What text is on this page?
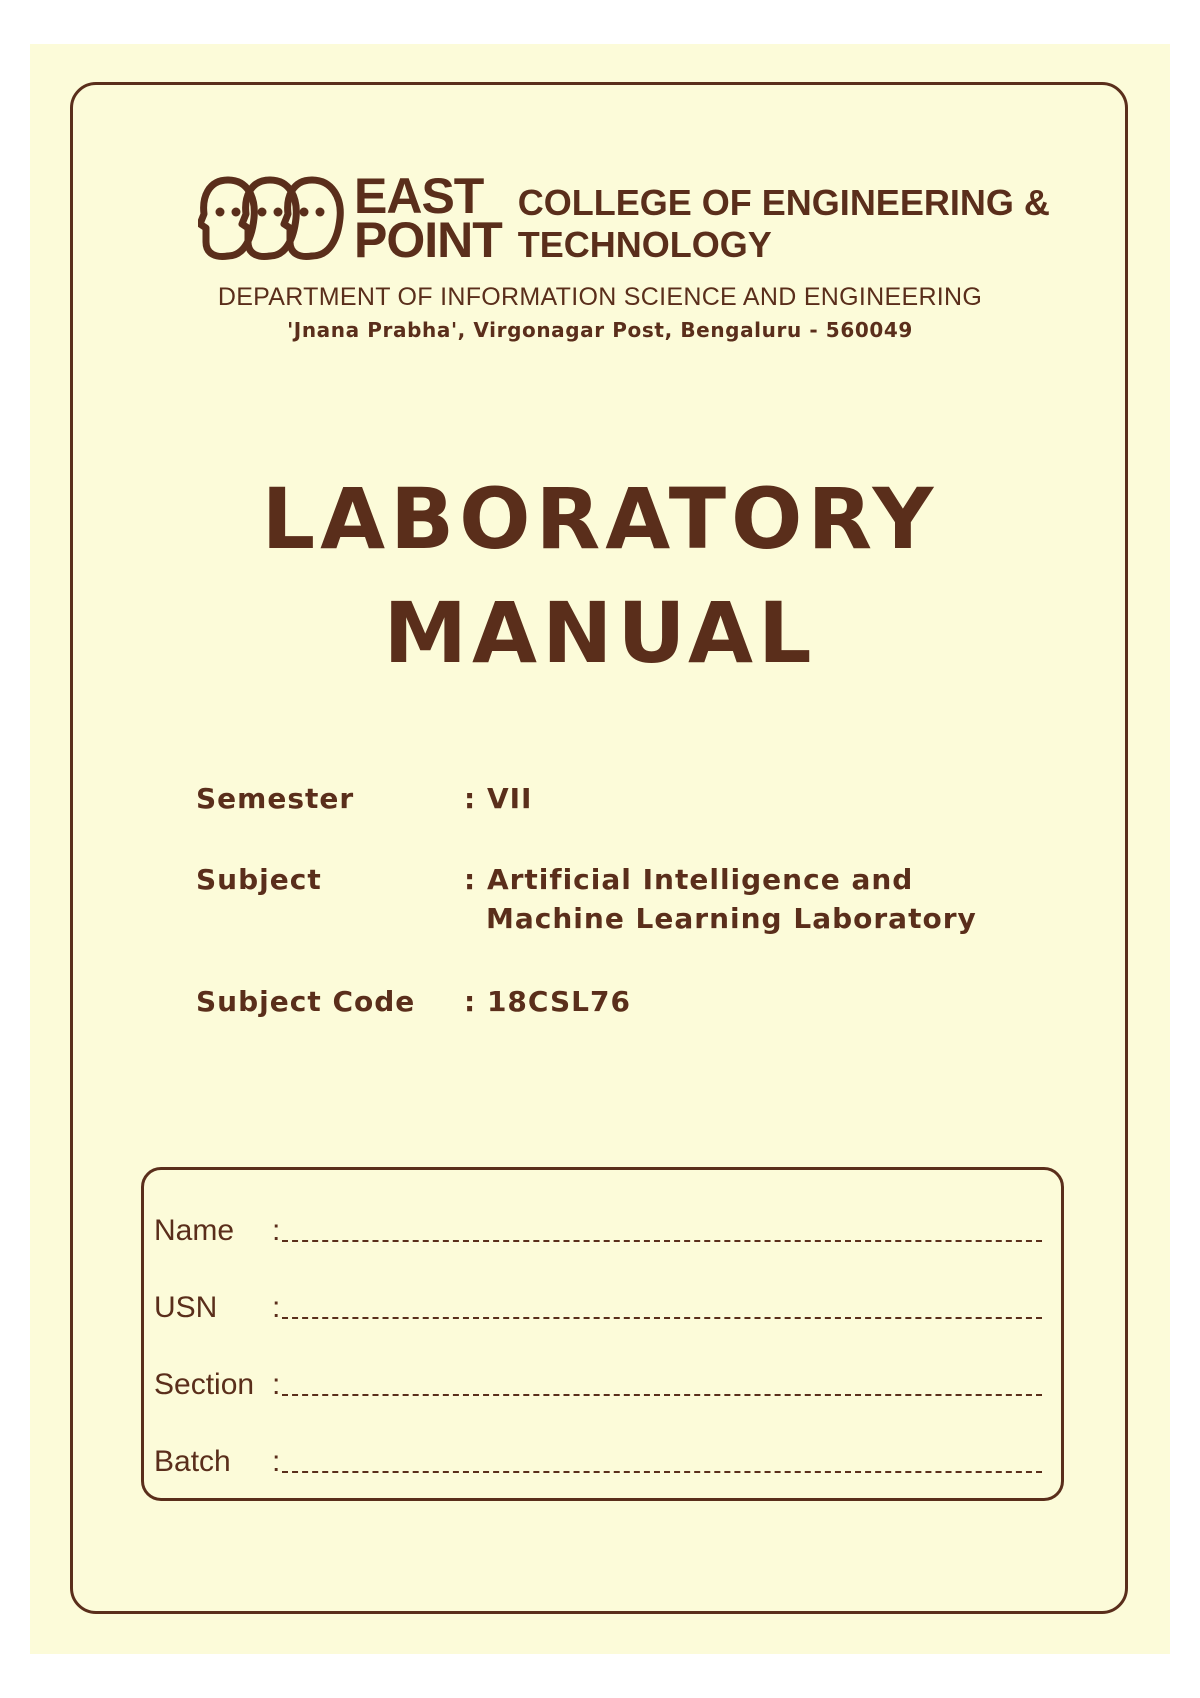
EAST
POINT
COLLEGE OF ENGINEERING &
TECHNOLOGY
DEPARTMENT OF INFORMATION SCIENCE AND ENGINEERING
'Jnana Prabha', Virgonagar Post, Bengaluru - 560049
LABORATORY
MANUAL
Semester	: VII
Subject	: Artificial Intelligence and
Machine Learning Laboratory
Subject Code : 18CSL76
Name	:
USN	:
Section :
Batch	:
